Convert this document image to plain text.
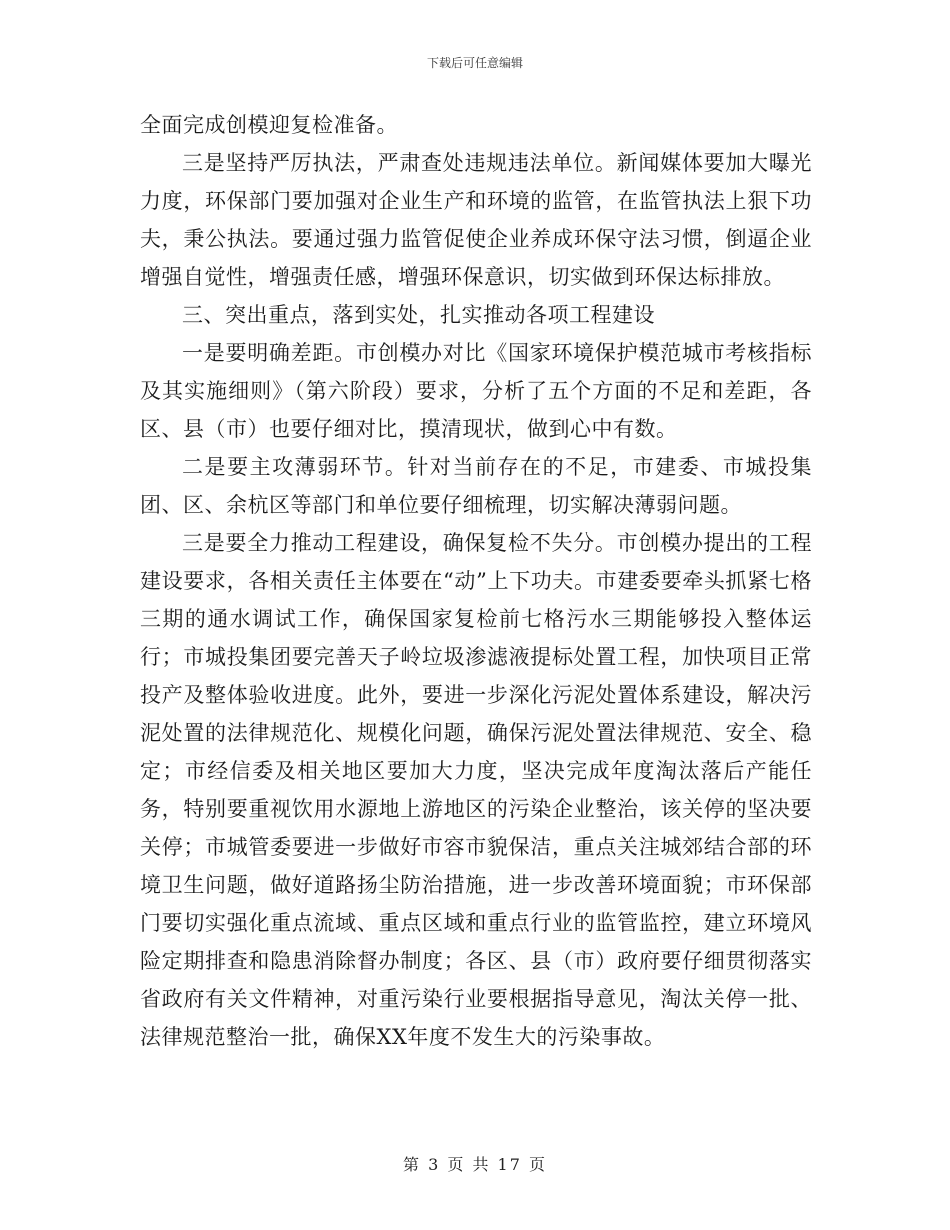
下载后可任意编辑

全面完成创模迎复检准备。

三是坚持严厉执法，严肃查处违规违法单位。新闻媒体要加大曝光力度，环保部门要加强对企业生产和环境的监管，在监管执法上狠下功夫，秉公执法。要通过强力监管促使企业养成环保守法习惯，倒逼企业增强自觉性，增强责任感，增强环保意识，切实做到环保达标排放。

三、突出重点，落到实处，扎实推动各项工程建设

一是要明确差距。市创模办对比《国家环境保护模范城市考核指标及其实施细则》（第六阶段）要求，分析了五个方面的不足和差距，各区、县（市）也要仔细对比，摸清现状，做到心中有数。

二是要主攻薄弱环节。针对当前存在的不足，市建委、市城投集团、区、余杭区等部门和单位要仔细梳理，切实解决薄弱问题。

三是要全力推动工程建设，确保复检不失分。市创模办提出的工程建设要求，各相关责任主体要在“动”上下功夫。市建委要牵头抓紧七格三期的通水调试工作，确保国家复检前七格污水三期能够投入整体运行；市城投集团要完善天子岭垃圾渗滤液提标处置工程，加快项目正常投产及整体验收进度。此外，要进一步深化污泥处置体系建设，解决污泥处置的法律规范化、规模化问题，确保污泥处置法律规范、安全、稳定；市经信委及相关地区要加大力度，坚决完成年度淘汰落后产能任务，特别要重视饮用水源地上游地区的污染企业整治，该关停的坚决要关停；市城管委要进一步做好市容市貌保洁，重点关注城郊结合部的环境卫生问题，做好道路扬尘防治措施，进一步改善环境面貌；市环保部门要切实强化重点流域、重点区域和重点行业的监管监控，建立环境风险定期排查和隐患消除督办制度；各区、县（市）政府要仔细贯彻落实省政府有关文件精神，对重污染行业要根据指导意见，淘汰关停一批、法律规范整治一批，确保XX年度不发生大的污染事故。

第 3 页 共 17 页
